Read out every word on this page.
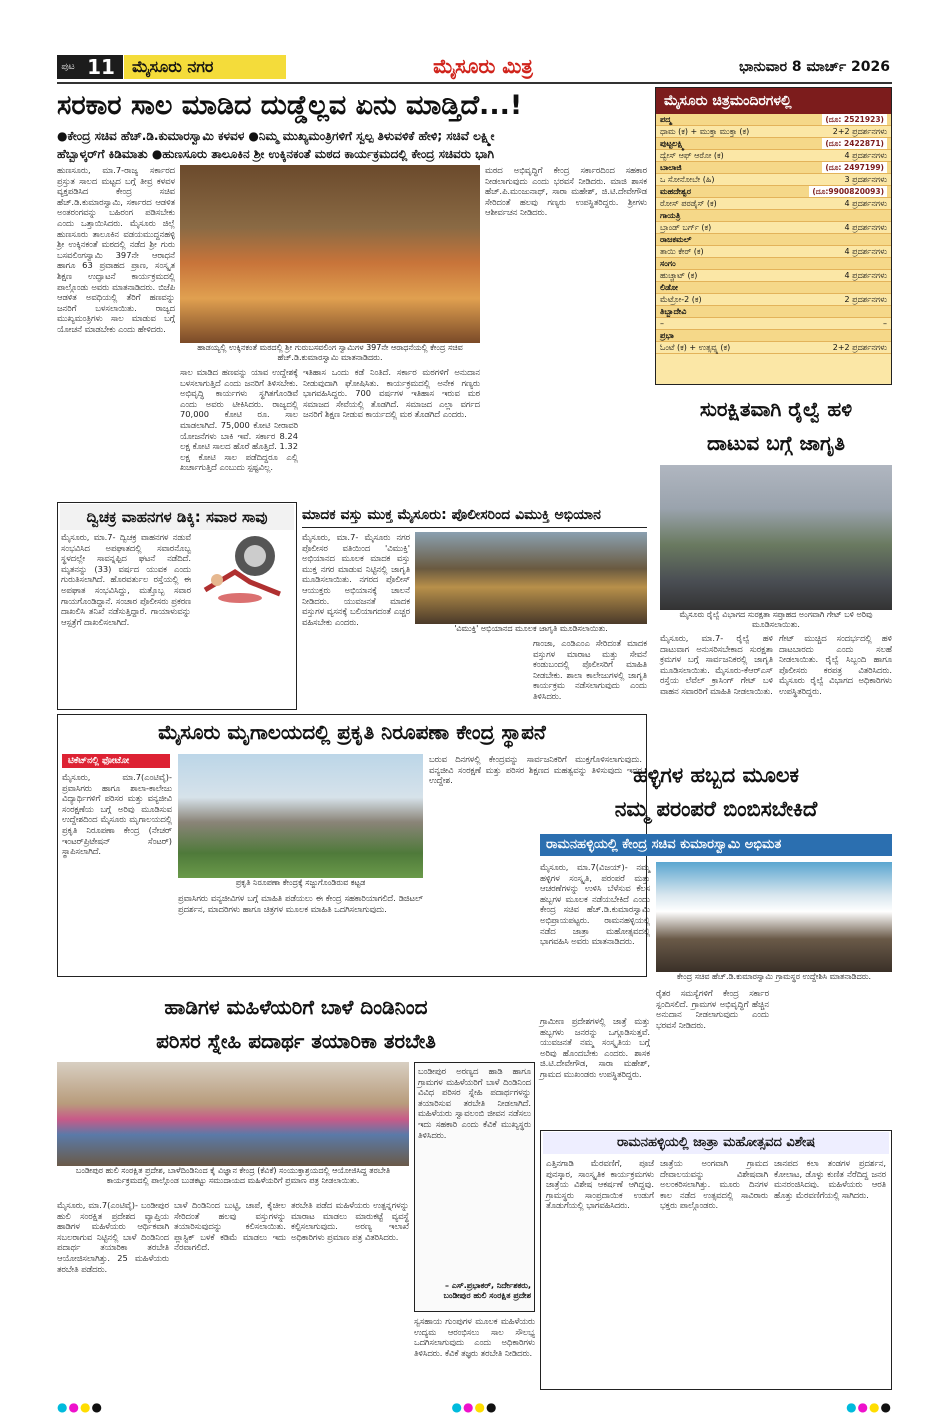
ಪುಟ 11	ಮೈಸೂರು ನಗರ	ಮೈಸೂರು ಮಿತ್ರ	ಭಾನುವಾರ 8 ಮಾರ್ಚ್ 2026
ಸರಕಾರ ಸಾಲ ಮಾಡಿದ ದುಡ್ಡೆಲ್ಲವ ಏನು ಮಾಡ್ತಿದೆ...!
●ಕೇಂದ್ರ ಸಚಿವ ಹೆಚ್.ಡಿ.ಕುಮಾರಸ್ವಾಮಿ ಕಳವಳ ●ನಿಮ್ಮ ಮುಖ್ಯಮಂತ್ರಿಗಳಿಗೆ ಸ್ವಲ್ಪ ತಿಳುವಳಿಕೆ ಹೇಳಿ; ಸಚಿವೆ ಲಕ್ಷ್ಮೀ
ಹೆಬ್ಬಾಳ್ಕರ್‌ಗೆ ಕಿಡಿಮಾತು ●ಹುಣಸೂರು ತಾಲೂಕಿನ ಶ್ರೀ ಉಕ್ಕಿನಕಂತೆ ಮಠದ ಕಾರ್ಯಕ್ರಮದಲ್ಲಿ ಕೇಂದ್ರ ಸಚಿವರು ಭಾಗಿ
ಹುಣಸೂರು, ಮಾ.7-ರಾಜ್ಯ ಸರ್ಕಾರದ ಪ್ರಸ್ತುತ ಸಾಲದ ಮಟ್ಟದ ಬಗ್ಗೆ ತೀವ್ರ ಕಳವಳ ವ್ಯಕ್ತಪಡಿಸಿದ ಕೇಂದ್ರ ಸಚಿವ ಹೆಚ್.ಡಿ.ಕುಮಾರಸ್ವಾಮಿ, ಸರ್ಕಾರದ ಆಡಳಿತ ಅಂತರಂಗವನ್ನು ಬಹಿರಂಗ ಪಡಿಸಬೇಕು ಎಂದು ಒತ್ತಾಯಿಸಿದರು. ಮೈಸೂರು ಜಿಲ್ಲೆ ಹುಣಸೂರು ತಾಲೂಕಿನ ವಡಯಮುದ್ದನಹಳ್ಳಿ ಶ್ರೀ ಉಕ್ಕಿನಕಂತೆ ಮಠದಲ್ಲಿ ನಡೆದ ಶ್ರೀ ಗುರು ಬಸವಲಿಂಗಸ್ವಾಮಿ 397ನೇ ಆರಾಧನೆ ಹಾಗೂ 63 ಪ್ರವಾಹದ ಪ್ರಾಣ, ಸಂಸ್ಕೃತ ಶಿಕ್ಷಣ ಉದ್ಘಾಟನೆ ಕಾರ್ಯಕ್ರಮದಲ್ಲಿ ಪಾಲ್ಗೊಂಡು ಅವರು ಮಾತನಾಡಿದರು. ಬಿಜೆಪಿ ಆಡಳಿತ ಅವಧಿಯಲ್ಲಿ ತೆರಿಗೆ ಹಣವನ್ನು ಜನರಿಗೆ ಬಳಸಲಾಯಿತು. ರಾಜ್ಯದ ಮುಖ್ಯಮಂತ್ರಿಗಳು ಸಾಲ ಮಾಡುವ ಬಗ್ಗೆ ಯೋಚನೆ ಮಾಡಬೇಕು ಎಂದು ಹೇಳಿದರು.
ಹಾಡಯ್ಯಲ್ಲಿ ಉಕ್ಕಿನಕಂತೆ ಮಠದಲ್ಲಿ ಶ್ರೀ ಗುರುಬಸವಲಿಂಗ ಸ್ವಾಮಿಗಳ 397ನೇ ಆರಾಧನೆಯಲ್ಲಿ ಕೇಂದ್ರ ಸಚಿವ ಹೆಚ್.ಡಿ.ಕುಮಾರಸ್ವಾಮಿ ಮಾತನಾಡಿದರು.
ಸಾಲ ಮಾಡಿದ ಹಣವನ್ನು ಯಾವ ಉದ್ದೇಶಕ್ಕೆ ಬಳಸಲಾಗುತ್ತಿದೆ ಎಂದು ಜನರಿಗೆ ತಿಳಿಸಬೇಕು. ಅಭಿವೃದ್ಧಿ ಕಾರ್ಯಗಳು ಸ್ಥಗಿತಗೊಂಡಿವೆ ಎಂದು ಅವರು ಟೀಕಿಸಿದರು. ರಾಜ್ಯದಲ್ಲಿ 70,000 ಕೋಟಿ ರೂ. ಸಾಲ ಮಾಡಲಾಗಿದೆ. 75,000 ಕೋಟಿ ನೀರಾವರಿ ಯೋಜನೆಗಳು ಬಾಕಿ ಇವೆ. ಸರ್ಕಾರ 8.24 ಲಕ್ಷ ಕೋಟಿ ಸಾಲದ ಹೊರೆ ಹೊತ್ತಿದೆ. 1.32 ಲಕ್ಷ ಕೋಟಿ ಸಾಲ ಪಡೆದಿದ್ದರೂ ಎಲ್ಲಿ ಖರ್ಚಾಗುತ್ತಿದೆ ಎಂಬುದು ಸ್ಪಷ್ಟವಿಲ್ಲ.
ಇತಿಹಾಸ ಒಂದು ಕಡೆ ನಿಂತಿದೆ. ಸರ್ಕಾರ ಮಠಗಳಿಗೆ ಅನುದಾನ ನೀಡುವುದಾಗಿ ಘೋಷಿಸಿತು. ಕಾರ್ಯಕ್ರಮದಲ್ಲಿ ಅನೇಕ ಗಣ್ಯರು ಭಾಗವಹಿಸಿದ್ದರು. 700 ವರ್ಷಗಳ ಇತಿಹಾಸ ಇರುವ ಮಠ ಸಮಾಜದ ಸೇವೆಯಲ್ಲಿ ತೊಡಗಿದೆ. ಸಮಾಜದ ಎಲ್ಲಾ ವರ್ಗದ ಜನರಿಗೆ ಶಿಕ್ಷಣ ನೀಡುವ ಕಾರ್ಯದಲ್ಲಿ ಮಠ ತೊಡಗಿದೆ ಎಂದರು.
ಮಠದ ಅಭಿವೃದ್ಧಿಗೆ ಕೇಂದ್ರ ಸರ್ಕಾರದಿಂದ ಸಹಕಾರ ನೀಡಲಾಗುವುದು ಎಂದು ಭರವಸೆ ನೀಡಿದರು. ಮಾಜಿ ಶಾಸಕ ಹೆಚ್.ಪಿ.ಮಂಜುನಾಥ್, ಸಾರಾ ಮಹೇಶ್, ಜಿ.ಟಿ.ದೇವೇಗೌಡ ಸೇರಿದಂತೆ ಹಲವು ಗಣ್ಯರು ಉಪಸ್ಥಿತರಿದ್ದರು. ಶ್ರೀಗಳು ಆಶೀರ್ವಚನ ನೀಡಿದರು.
ಮೈಸೂರು ಚಿತ್ರಮಂದಿರಗಳಲ್ಲಿ
ಪದ್ಮ	(ದೂ: 2521923)
ಧಾಮ (ಕ) + ಮುಕ್ತಾ ಮುಕ್ತಾ (ಕ)	2+2 ಪ್ರದರ್ಶನಗಳು
ಪುಟ್ಟಲಕ್ಷ್ಮಿ	(ದೂ: 2422871)
ದ್ವೇಸ್ ಆಫ್ ಆರೋ (ಕ)	4 ಪ್ರದರ್ಶನಗಳು
ಬಾಲಾಜಿ	(ದೂ: 2497199)
ಒ ಸೋನೋಬೇ (ಹಿ)	3 ಪ್ರದರ್ಶನಗಳು
ಮಹದೇಶ್ವರ	(ದೂ:9900820093)
ರೋಸ್ ಪರಡೈಸ್ (ಕ)	4 ಪ್ರದರ್ಶನಗಳು
ಗಾಯತ್ರಿ
ಬ್ರಾಂಡ್ ಬರ್ಗ್ (ಕ)	4 ಪ್ರದರ್ಶನಗಳು
ರಾಜಕಮಲ್
ತಾಯಿ ಕೇರ್ (ಕ)	4 ಪ್ರದರ್ಶನಗಳು
ಸಂಗಂ
ಹುಚ್ಚಾಟ್ (ಕ)	4 ಪ್ರದರ್ಶನಗಳು
ಲಿಡೋ
ಮೆಟ್ರೋ-2 (ಕ)	2 ಪ್ರದರ್ಶನಗಳು
ತಿಬ್ಬಾದೇವಿ
–	–
ಪ್ರಭಾ
ಓಂಟೆ (ಕ) + ಉತ್ಸವ್ಸ್ನ (ಕ)	2+2 ಪ್ರದರ್ಶನಗಳು
ಸುರಕ್ಷಿತವಾಗಿ ರೈಲ್ವೆ ಹಳಿ
ದಾಟುವ ಬಗ್ಗೆ ಜಾಗೃತಿ
ಮೈಸೂರು ರೈಲ್ವೆ ವಿಭಾಗದ ಸುರಕ್ಷತಾ ಸಪ್ತಾಹದ ಅಂಗವಾಗಿ ಗೇಟ್ ಬಳಿ ಅರಿವು ಮೂಡಿಸಲಾಯಿತು.
ಮೈಸೂರು, ಮಾ.7- ರೈಲ್ವೆ ಹಳಿ ದಾಟುವಾಗ ಅನುಸರಿಸಬೇಕಾದ ಸುರಕ್ಷತಾ ಕ್ರಮಗಳ ಬಗ್ಗೆ ಸಾರ್ವಜನಿಕರಲ್ಲಿ ಜಾಗೃತಿ ಮೂಡಿಸಲಾಯಿತು. ಮೈಸೂರು-ಕೆಆರ್‌ಎಸ್ ರಸ್ತೆಯ ಲೆವೆಲ್ ಕ್ರಾಸಿಂಗ್ ಗೇಟ್ ಬಳಿ ವಾಹನ ಸವಾರರಿಗೆ ಮಾಹಿತಿ ನೀಡಲಾಯಿತು.
ಗೇಟ್ ಮುಚ್ಚಿದ ಸಂದರ್ಭದಲ್ಲಿ ಹಳಿ ದಾಟಬಾರದು ಎಂದು ಸಲಹೆ ನೀಡಲಾಯಿತು. ರೈಲ್ವೆ ಸಿಬ್ಬಂದಿ ಹಾಗೂ ಪೊಲೀಸರು ಕರಪತ್ರ ವಿತರಿಸಿದರು. ಮೈಸೂರು ರೈಲ್ವೆ ವಿಭಾಗದ ಅಧಿಕಾರಿಗಳು ಉಪಸ್ಥಿತರಿದ್ದರು.
ದ್ವಿಚಕ್ರ ವಾಹನಗಳ ಡಿಕ್ಕಿ: ಸವಾರ ಸಾವು
ಮೈಸೂರು, ಮಾ.7- ದ್ವಿಚಕ್ರ ವಾಹನಗಳ ನಡುವೆ ಸಂಭವಿಸಿದ ಅಪಘಾತದಲ್ಲಿ ಸವಾರನೊಬ್ಬ ಸ್ಥಳದಲ್ಲೇ ಸಾವನ್ನಪ್ಪಿದ ಘಟನೆ ನಡೆದಿದೆ. ಮೃತನನ್ನು (33) ವರ್ಷದ ಯುವಕ ಎಂದು ಗುರುತಿಸಲಾಗಿದೆ. ಹೊರವರ್ತುಲ ರಸ್ತೆಯಲ್ಲಿ ಈ ಅಪಘಾತ ಸಂಭವಿಸಿದ್ದು, ಮತ್ತೊಬ್ಬ ಸವಾರ ಗಾಯಗೊಂಡಿದ್ದಾನೆ. ಸಂಚಾರ ಪೊಲೀಸರು ಪ್ರಕರಣ ದಾಖಲಿಸಿ ತನಿಖೆ ನಡೆಸುತ್ತಿದ್ದಾರೆ. ಗಾಯಾಳುವನ್ನು ಆಸ್ಪತ್ರೆಗೆ ದಾಖಲಿಸಲಾಗಿದೆ.
ಮಾದಕ ವಸ್ತು ಮುಕ್ತ ಮೈಸೂರು: ಪೊಲೀಸರಿಂದ ವಿಮುಕ್ತಿ ಅಭಿಯಾನ
ಮೈಸೂರು, ಮಾ.7- ಮೈಸೂರು ನಗರ ಪೊಲೀಸರ ವತಿಯಿಂದ 'ವಿಮುಕ್ತಿ' ಅಭಿಯಾನದ ಮೂಲಕ ಮಾದಕ ವಸ್ತು ಮುಕ್ತ ನಗರ ಮಾಡುವ ನಿಟ್ಟಿನಲ್ಲಿ ಜಾಗೃತಿ ಮೂಡಿಸಲಾಯಿತು. ನಗರದ ಪೊಲೀಸ್ ಆಯುಕ್ತರು ಅಭಿಯಾನಕ್ಕೆ ಚಾಲನೆ ನೀಡಿದರು. ಯುವಜನತೆ ಮಾದಕ ವಸ್ತುಗಳ ವ್ಯಸನಕ್ಕೆ ಬಲಿಯಾಗದಂತೆ ಎಚ್ಚರ ವಹಿಸಬೇಕು ಎಂದರು.
'ವಿಮುಕ್ತಿ' ಅಭಿಯಾನದ ಮೂಲಕ ಜಾಗೃತಿ ಮೂಡಿಸಲಾಯಿತು.
ಗಾಂಜಾ, ಎಂಡಿಎಂಎ ಸೇರಿದಂತೆ ಮಾದಕ ವಸ್ತುಗಳ ಮಾರಾಟ ಮತ್ತು ಸೇವನೆ ಕಂಡುಬಂದಲ್ಲಿ ಪೊಲೀಸರಿಗೆ ಮಾಹಿತಿ ನೀಡಬೇಕು. ಶಾಲಾ ಕಾಲೇಜುಗಳಲ್ಲಿ ಜಾಗೃತಿ ಕಾರ್ಯಕ್ರಮ ನಡೆಸಲಾಗುವುದು ಎಂದು ತಿಳಿಸಿದರು.
ಮೈಸೂರು ಮೃಗಾಲಯದಲ್ಲಿ ಪ್ರಕೃತಿ ನಿರೂಪಣಾ ಕೇಂದ್ರ ಸ್ಥಾಪನೆ
ಟಿಕೆಟ್‌ನಲ್ಲಿ ಫೋಟೋ
ಮೈಸೂರು, ಮಾ.7(ಎಂಟಿವೈ)- ಪ್ರವಾಸಿಗರು ಹಾಗೂ ಶಾಲಾ-ಕಾಲೇಜು ವಿದ್ಯಾರ್ಥಿಗಳಿಗೆ ಪರಿಸರ ಮತ್ತು ವನ್ಯಜೀವಿ ಸಂರಕ್ಷಣೆಯ ಬಗ್ಗೆ ಅರಿವು ಮೂಡಿಸುವ ಉದ್ದೇಶದಿಂದ ಮೈಸೂರು ಮೃಗಾಲಯದಲ್ಲಿ ಪ್ರಕೃತಿ ನಿರೂಪಣಾ ಕೇಂದ್ರ (ನೇಚರ್ ಇಂಟರ್‌ಪ್ರಿಟೇಷನ್ ಸೆಂಟರ್) ಸ್ಥಾಪಿಸಲಾಗಿದೆ.
ಪ್ರಕೃತಿ ನಿರೂಪಣಾ ಕೇಂದ್ರಕ್ಕೆ ಸಜ್ಜುಗೊಂಡಿರುವ ಕಟ್ಟಡ
ಪ್ರವಾಸಿಗರು ವನ್ಯಜೀವಿಗಳ ಬಗ್ಗೆ ಮಾಹಿತಿ ಪಡೆಯಲು ಈ ಕೇಂದ್ರ ಸಹಕಾರಿಯಾಗಲಿದೆ. ಡಿಜಿಟಲ್ ಪ್ರದರ್ಶನ, ಮಾದರಿಗಳು ಹಾಗೂ ಚಿತ್ರಗಳ ಮೂಲಕ ಮಾಹಿತಿ ಒದಗಿಸಲಾಗುವುದು.
ಬರುವ ದಿನಗಳಲ್ಲಿ ಕೇಂದ್ರವನ್ನು ಸಾರ್ವಜನಿಕರಿಗೆ ಮುಕ್ತಗೊಳಿಸಲಾಗುವುದು. ವನ್ಯಜೀವಿ ಸಂರಕ್ಷಣೆ ಮತ್ತು ಪರಿಸರ ಶಿಕ್ಷಣದ ಮಹತ್ವವನ್ನು ತಿಳಿಸುವುದು ಇದರ ಉದ್ದೇಶ.	ಹಳ್ಳಿಗಳ ಹಬ್ಬದ ಮೂಲಕ
ನಮ್ಮ ಪರಂಪರೆ ಬಿಂಬಿಸಬೇಕಿದೆ
ರಾಮನಹಳ್ಳಿಯಲ್ಲಿ ಕೇಂದ್ರ ಸಚಿವ ಕುಮಾರಸ್ವಾಮಿ ಅಭಿಮತ
ಮೈಸೂರು, ಮಾ.7(ವಿಜಯ್)- ನಮ್ಮ ಹಳ್ಳಿಗಳ ಸಂಸ್ಕೃತಿ, ಪರಂಪರೆ ಮತ್ತು ಆಚರಣೆಗಳನ್ನು ಉಳಿಸಿ ಬೆಳೆಸುವ ಕೆಲಸ ಹಬ್ಬಗಳ ಮೂಲಕ ನಡೆಯಬೇಕಿದೆ ಎಂದು ಕೇಂದ್ರ ಸಚಿವ ಹೆಚ್.ಡಿ.ಕುಮಾರಸ್ವಾಮಿ ಅಭಿಪ್ರಾಯಪಟ್ಟರು. ರಾಮನಹಳ್ಳಿಯಲ್ಲಿ ನಡೆದ ಜಾತ್ರಾ ಮಹೋತ್ಸವದಲ್ಲಿ ಭಾಗವಹಿಸಿ ಅವರು ಮಾತನಾಡಿದರು.
ಕೇಂದ್ರ ಸಚಿವ ಹೆಚ್.ಡಿ.ಕುಮಾರಸ್ವಾಮಿ ಗ್ರಾಮಸ್ಥರ ಉದ್ದೇಶಿಸಿ ಮಾತನಾಡಿದರು.
ಗ್ರಾಮೀಣ ಪ್ರದೇಶಗಳಲ್ಲಿ ಜಾತ್ರೆ ಮತ್ತು ಹಬ್ಬಗಳು ಜನರನ್ನು ಒಗ್ಗೂಡಿಸುತ್ತವೆ. ಯುವಜನತೆ ನಮ್ಮ ಸಂಸ್ಕೃತಿಯ ಬಗ್ಗೆ ಅರಿವು ಹೊಂದಬೇಕು ಎಂದರು. ಶಾಸಕ ಜಿ.ಟಿ.ದೇವೇಗೌಡ, ಸಾರಾ ಮಹೇಶ್, ಗ್ರಾಮದ ಮುಖಂಡರು ಉಪಸ್ಥಿತರಿದ್ದರು.
ರೈತರ ಸಮಸ್ಯೆಗಳಿಗೆ ಕೇಂದ್ರ ಸರ್ಕಾರ ಸ್ಪಂದಿಸಲಿದೆ. ಗ್ರಾಮಗಳ ಅಭಿವೃದ್ಧಿಗೆ ಹೆಚ್ಚಿನ ಅನುದಾನ ನೀಡಲಾಗುವುದು ಎಂದು ಭರವಸೆ ನೀಡಿದರು.
ರಾಮನಹಳ್ಳಿಯಲ್ಲಿ ಜಾತ್ರಾ ಮಹೋತ್ಸವದ ವಿಶೇಷ
ಎತ್ತಿನಗಾಡಿ ಮೆರವಣಿಗೆ, ಪೂಜೆ ಪುನಸ್ಕಾರ, ಸಾಂಸ್ಕೃತಿಕ ಕಾರ್ಯಕ್ರಮಗಳು ಜಾತ್ರೆಯ ವಿಶೇಷ ಆಕರ್ಷಣೆ ಆಗಿದ್ದವು. ಗ್ರಾಮಸ್ಥರು ಸಾಂಪ್ರದಾಯಿಕ ಉಡುಗೆ ತೊಡುಗೆಯಲ್ಲಿ ಭಾಗವಹಿಸಿದರು.
ಜಾತ್ರೆಯ ಅಂಗವಾಗಿ ಗ್ರಾಮದ ದೇವಾಲಯವನ್ನು ವಿಶೇಷವಾಗಿ ಅಲಂಕರಿಸಲಾಗಿತ್ತು. ಮೂರು ದಿನಗಳ ಕಾಲ ನಡೆದ ಉತ್ಸವದಲ್ಲಿ ಸಾವಿರಾರು ಭಕ್ತರು ಪಾಲ್ಗೊಂಡರು.
ಜಾನಪದ ಕಲಾ ತಂಡಗಳ ಪ್ರದರ್ಶನ, ಕೋಲಾಟ, ಡೊಳ್ಳು ಕುಣಿತ ನೆರೆದಿದ್ದ ಜನರ ಮನರಂಜಿಸಿದವು. ಮಹಿಳೆಯರು ಆರತಿ ಹೊತ್ತು ಮೆರವಣಿಗೆಯಲ್ಲಿ ಸಾಗಿದರು.
ಹಾಡಿಗಳ ಮಹಿಳೆಯರಿಗೆ ಬಾಳೆ ದಿಂಡಿನಿಂದ
ಪರಿಸರ ಸ್ನೇಹಿ ಪದಾರ್ಥ ತಯಾರಿಕಾ ತರಬೇತಿ
ಬಂಡೀಪುರ ಹುಲಿ ಸಂರಕ್ಷಿತ ಪ್ರದೇಶ, ಬಾಳೆದಿಂಡಿನಿಂದ ಕೈ ವಿಜ್ಞಾನ ಕೇಂದ್ರ (ಕೆವಿಕೆ) ಸಂಯುಕ್ತಾಶ್ರಯದಲ್ಲಿ ಆಯೋಜಿಸಿದ್ದ ತರಬೇತಿ ಕಾರ್ಯಕ್ರಮದಲ್ಲಿ ಪಾಲ್ಗೊಂಡ ಬುಡಕಟ್ಟು ಸಮುದಾಯದ ಮಹಿಳೆಯರಿಗೆ ಪ್ರಮಾಣ ಪತ್ರ ನೀಡಲಾಯಿತು.
ಬಂಡೀಪುರ ಅರಣ್ಯದ ಹಾಡಿ ಹಾಗೂ ಗ್ರಾಮಗಳ ಮಹಿಳೆಯರಿಗೆ ಬಾಳೆ ದಿಂಡಿನಿಂದ ವಿವಿಧ ಪರಿಸರ ಸ್ನೇಹಿ ಪದಾರ್ಥಗಳನ್ನು ತಯಾರಿಸುವ ತರಬೇತಿ ನೀಡಲಾಗಿದೆ. ಮಹಿಳೆಯರು ಸ್ವಾವಲಂಬಿ ಜೀವನ ನಡೆಸಲು ಇದು ಸಹಕಾರಿ ಎಂದು ಕೆವಿಕೆ ಮುಖ್ಯಸ್ಥರು ತಿಳಿಸಿದರು.
– ಎಸ್.ಪ್ರಭಾಕರ್, ನಿರ್ದೇಶಕರು, ಬಂಡೀಪುರ ಹುಲಿ ಸಂರಕ್ಷಿತ ಪ್ರದೇಶ
ಮೈಸೂರು, ಮಾ.7(ಎಂಟಿವೈ)- ಬಂಡೀಪುರ ಹುಲಿ ಸಂರಕ್ಷಿತ ಪ್ರದೇಶದ ವ್ಯಾಪ್ತಿಯ ಹಾಡಿಗಳ ಮಹಿಳೆಯರು ಆರ್ಥಿಕವಾಗಿ ಸಬಲರಾಗುವ ನಿಟ್ಟಿನಲ್ಲಿ ಬಾಳೆ ದಿಂಡಿನಿಂದ ಪದಾರ್ಥ ತಯಾರಿಕಾ ತರಬೇತಿ ಆಯೋಜಿಸಲಾಗಿತ್ತು. 25 ಮಹಿಳೆಯರು ತರಬೇತಿ ಪಡೆದರು.
ಬಾಳೆ ದಿಂಡಿನಿಂದ ಬುಟ್ಟಿ, ಚಾಪೆ, ಕೈಚೀಲ ಸೇರಿದಂತೆ ಹಲವು ವಸ್ತುಗಳನ್ನು ತಯಾರಿಸುವುದನ್ನು ಕಲಿಸಲಾಯಿತು. ಪ್ಲಾಸ್ಟಿಕ್ ಬಳಕೆ ಕಡಿಮೆ ಮಾಡಲು ಇದು ನೆರವಾಗಲಿದೆ.
ತರಬೇತಿ ಪಡೆದ ಮಹಿಳೆಯರು ಉತ್ಪನ್ನಗಳನ್ನು ಮಾರಾಟ ಮಾಡಲು ಮಾರುಕಟ್ಟೆ ವ್ಯವಸ್ಥೆ ಕಲ್ಪಿಸಲಾಗುವುದು. ಅರಣ್ಯ ಇಲಾಖೆ ಅಧಿಕಾರಿಗಳು ಪ್ರಮಾಣ ಪತ್ರ ವಿತರಿಸಿದರು.
ಸ್ವಸಹಾಯ ಗುಂಪುಗಳ ಮೂಲಕ ಮಹಿಳೆಯರು ಉದ್ಯಮ ಆರಂಭಿಸಲು ಸಾಲ ಸೌಲಭ್ಯ ಒದಗಿಸಲಾಗುವುದು ಎಂದು ಅಧಿಕಾರಿಗಳು ತಿಳಿಸಿದರು. ಕೆವಿಕೆ ತಜ್ಞರು ತರಬೇತಿ ನೀಡಿದರು.
●●●●	●●●●	●●●●
